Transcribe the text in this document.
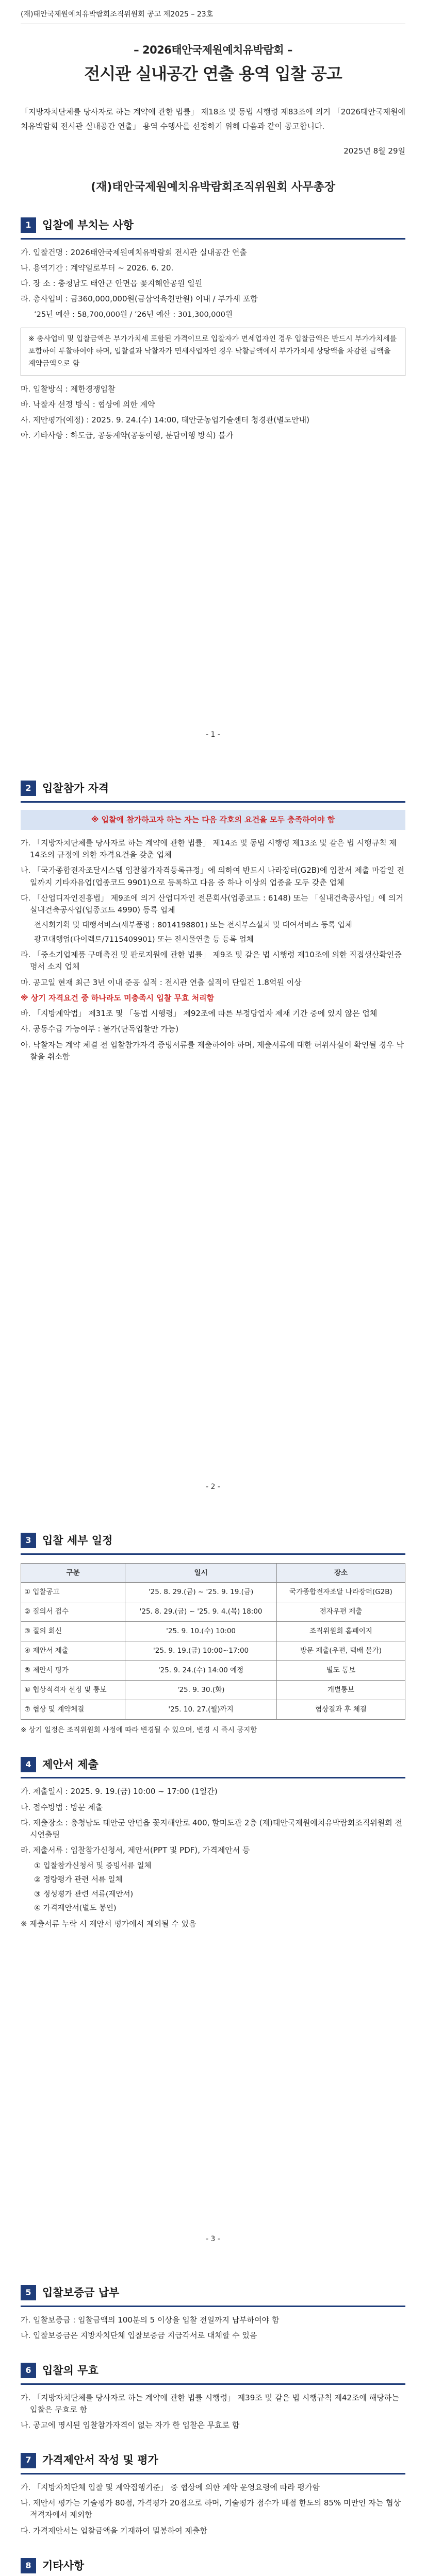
(재)태안국제원예치유박람회조직위원회 공고 제2025 – 23호
– 2026태안국제원예치유박람회 –
전시관 실내공간 연출 용역 입찰 공고

「지방자치단체를 당사자로 하는 계약에 관한 법률」 제18조 및 동법 시행령 제83조에 의거 「2026태안국제원예치유박람회 전시관 실내공간 연출」 용역 수행사를 선정하기 위해 다음과 같이 공고합니다.

2025년 8월 29일
(재)태안국제원예치유박람회조직위원회 사무총장
1	입찰에 부치는 사항
가. 입찰건명 : 2026태안국제원예치유박람회 전시관 실내공간 연출
나. 용역기간 : 계약일로부터 ~ 2026. 6. 20.
다. 장 소 : 충청남도 태안군 안면읍 꽃지해안공원 일원
라. 총사업비 : 금360,000,000원(금삼억육천만원) 이내 / 부가세 포함
’25년 예산 : 58,700,000원 / ’26년 예산 : 301,300,000원
※ 총사업비 및 입찰금액은 부가가치세 포함된 가격이므로 입찰자가 면세업자인 경우 입찰금액은 반드시 부가가치세를 포함하여 투찰하여야 하며, 입찰결과 낙찰자가 면세사업자인 경우 낙찰금액에서 부가가치세 상당액을 차감한 금액을 계약금액으로 함
마. 입찰방식 : 제한경쟁입찰
바. 낙찰자 선정 방식 : 협상에 의한 계약
사. 제안평가(예정) : 2025. 9. 24.(수) 14:00, 태안군농업기술센터 청경관(별도안내)
아. 기타사항 : 하도급, 공동계약(공동이행, 분담이행 방식) 불가
- 1 -
2	입찰참가 자격
※ 입찰에 참가하고자 하는 자는 다음 각호의 요건을 모두 충족하여야 함
가. 「지방자치단체를 당사자로 하는 계약에 관한 법률」 제14조 및 동법 시행령 제13조 및 같은 법 시행규칙 제14조의 규정에 의한 자격요건을 갖춘 업체
나. 「국가종합전자조달시스템 입찰참가자격등록규정」에 의하여 반드시 나라장터(G2B)에 입찰서 제출 마감일 전일까지 기타자유업(업종코드 9901)으로 등록하고 다음 중 하나 이상의 업종을 모두 갖춘 업체
다. 「산업디자인진흥법」 제9조에 의거 산업디자인 전문회사(업종코드 : 6148) 또는 「실내건축공사업」에 의거 실내건축공사업(업종코드 4990) 등록 업체
전시회기획 및 대행서비스(세부품명 : 8014198801) 또는 전시부스설치 및 대여서비스 등록 업체
광고대행업(다이렉트/7115409901) 또는 전시물연출 등 등록 업체
라. 「중소기업제품 구매촉진 및 판로지원에 관한 법률」 제9조 및 같은 법 시행령 제10조에 의한 직접생산확인증명서 소지 업체
마. 공고일 현재 최근 3년 이내 준공 실적 : 전시관 연출 실적이 단일건 1.8억원 이상
※ 상기 자격요건 중 하나라도 미충족시 입찰 무효 처리함
바. 「지방계약법」 제31조 및 「동법 시행령」 제92조에 따른 부정당업자 제재 기간 중에 있지 않은 업체
사. 공동수급 가능여부 : 불가(단독입찰만 가능)
아. 낙찰자는 계약 체결 전 입찰참가자격 증빙서류를 제출하여야 하며, 제출서류에 대한 허위사실이 확인될 경우 낙찰을 취소함
- 2 -
3	입찰 세부 일정
구분	일시	장소
① 입찰공고	'25. 8. 29.(금) ~ '25. 9. 19.(금)	국가종합전자조달 나라장터(G2B)
② 질의서 접수	'25. 8. 29.(금) ~ '25. 9. 4.(목) 18:00	전자우편 제출
③ 질의 회신	'25. 9. 10.(수) 10:00	조직위원회 홈페이지
④ 제안서 제출	'25. 9. 19.(금) 10:00~17:00	방문 제출(우편, 택배 불가)
⑤ 제안서 평가	'25. 9. 24.(수) 14:00 예정	별도 통보
⑥ 협상적격자 선정 및 통보	'25. 9. 30.(화)	개별통보
⑦ 협상 및 계약체결	'25. 10. 27.(월)까지	협상결과 후 체결
※ 상기 일정은 조직위원회 사정에 따라 변경될 수 있으며, 변경 시 즉시 공지함
4	제안서 제출
가. 제출일시 : 2025. 9. 19.(금) 10:00 ~ 17:00 (1일간)
나. 접수방법 : 방문 제출
다. 제출장소 : 충청남도 태안군 안면읍 꽃지해안로 400, 할미도관 2층 (재)태안국제원예치유박람회조직위원회 전시연출팀
라. 제출서류 : 입찰참가신청서, 제안서(PPT 및 PDF), 가격제안서 등
① 입찰참가신청서 및 증빙서류 일체
② 정량평가 관련 서류 일체
③ 정성평가 관련 서류(제안서)
④ 가격제안서(별도 봉인)
※ 제출서류 누락 시 제안서 평가에서 제외될 수 있음
- 3 -
5	입찰보증금 납부
가. 입찰보증금 : 입찰금액의 100분의 5 이상을 입찰 전일까지 납부하여야 함
나. 입찰보증금은 지방자치단체 입찰보증금 지급각서로 대체할 수 있음
6	입찰의 무효
가. 「지방자치단체를 당사자로 하는 계약에 관한 법률 시행령」 제39조 및 같은 법 시행규칙 제42조에 해당하는 입찰은 무효로 함
나. 공고에 명시된 입찰참가자격이 없는 자가 한 입찰은 무효로 함
7	가격제안서 작성 및 평가
가. 「지방자치단체 입찰 및 계약집행기준」 중 협상에 의한 계약 운영요령에 따라 평가함
나. 제안서 평가는 기술평가 80점, 가격평가 20점으로 하며, 기술평가 점수가 배점 한도의 85% 미만인 자는 협상적격자에서 제외함
다. 가격제안서는 입찰금액을 기재하여 밀봉하여 제출함
8	기타사항
